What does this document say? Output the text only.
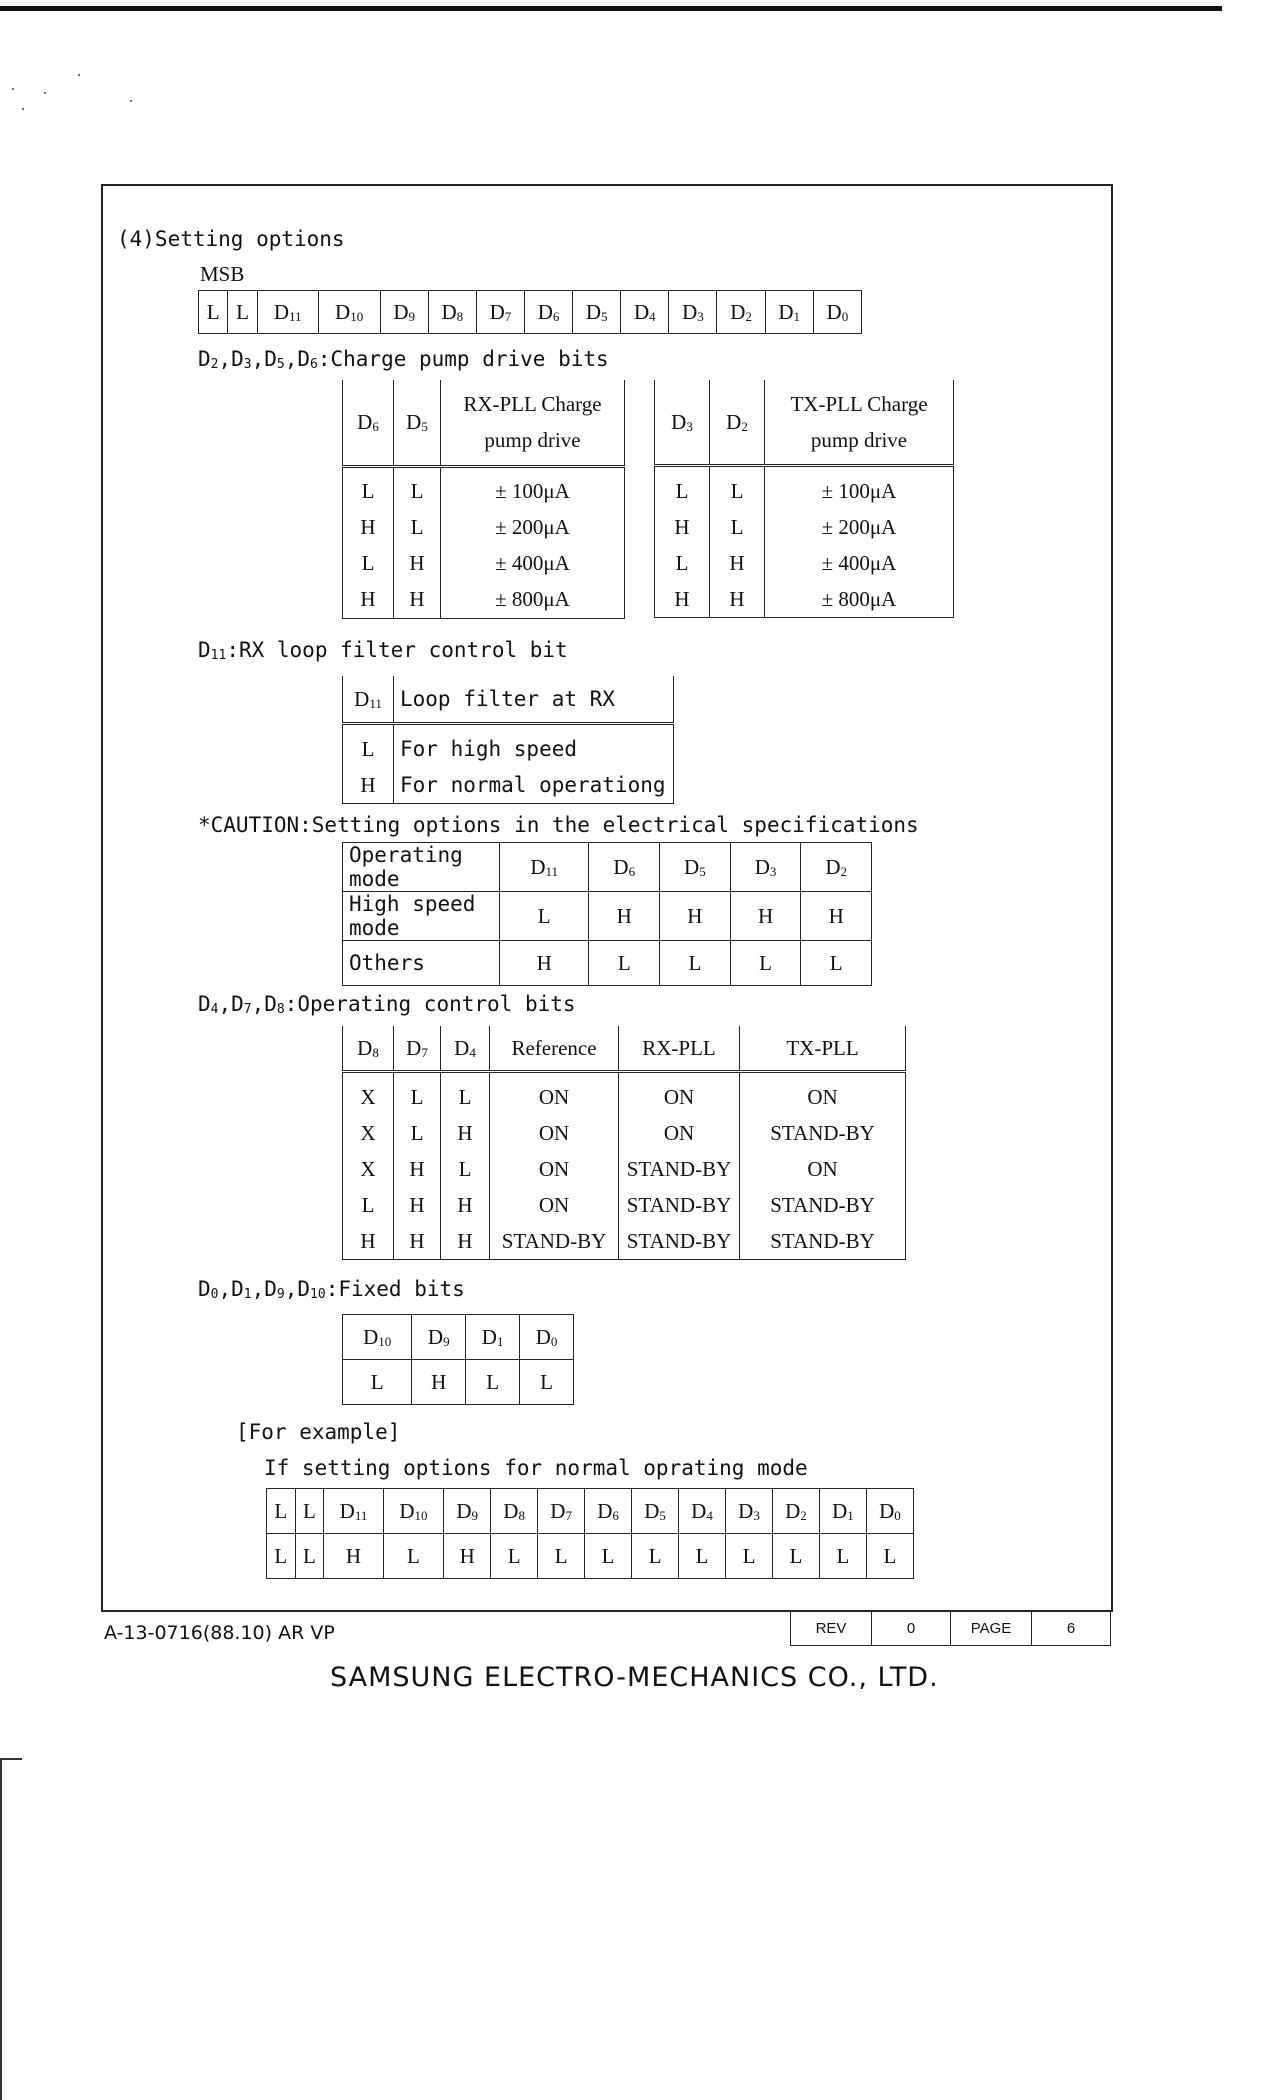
(4)Setting options
MSB
L	L	$D_{11}$	$D_{10}$	$D_9$	$D_8$	$D_7$	$D_6$	$D_5$	$D_4$	$D_3$	$D_2$	$D_1$	$D_0$
$D_2,D_3,D_5,D_6:Charge$ pump drive bits
$D_6$	$D_5$	RX-PLL Charge pump drive
L	L	± 100μA
H	L	± 200μA
L	H	± 400μA
H	H	± 800μA
$D_3$	$D_2$	TX-PLL Charge pump drive
L	L	± 100μA
H	L	± 200μA
L	H	± 400μA
H	H	± 800μA
$D_{11}:RX$ loop filter control bit
$D_{11}$	Loop filter at RX
L	For high speed
H	For normal operationg
*CAUTION:Setting options in the electrical specifications
Operating mode	$D_{11}$	$D_6$	$D_5$	$D_3$	$D_2$
High speed mode	L	H	H	H	H
Others	H	L	L	L	L
$D_4,D_7,D_8:Operating$ control bits
$D_8$	$D_7$	$D_4$	Reference	RX-PLL	TX-PLL
X	L	L	ON	ON	ON
X	L	H	ON	ON	STAND-BY
X	H	L	ON	STAND-BY	ON
L	H	H	ON	STAND-BY	STAND-BY
H	H	H	STAND-BY	STAND-BY	STAND-BY
$D_0,D_1,D_9,D_{10}:Fixed$ bits
$D_{10}$	$D_9$	$D_1$	$D_0$
L	H	L	L
[For example]
If setting options for normal oprating mode
L	L	$D_{11}$	$D_{10}$	$D_9$	$D_8$	$D_7$	$D_6$	$D_5$	$D_4$	$D_3$	$D_2$	$D_1$	$D_0$
L	L	H	L	H	L	L	L	L	L	L	L	L	L
A-13-0716(88.10) AR VP	REV	0	PAGE	6
SAMSUNG ELECTRO-MECHANICS CO., LTD.
